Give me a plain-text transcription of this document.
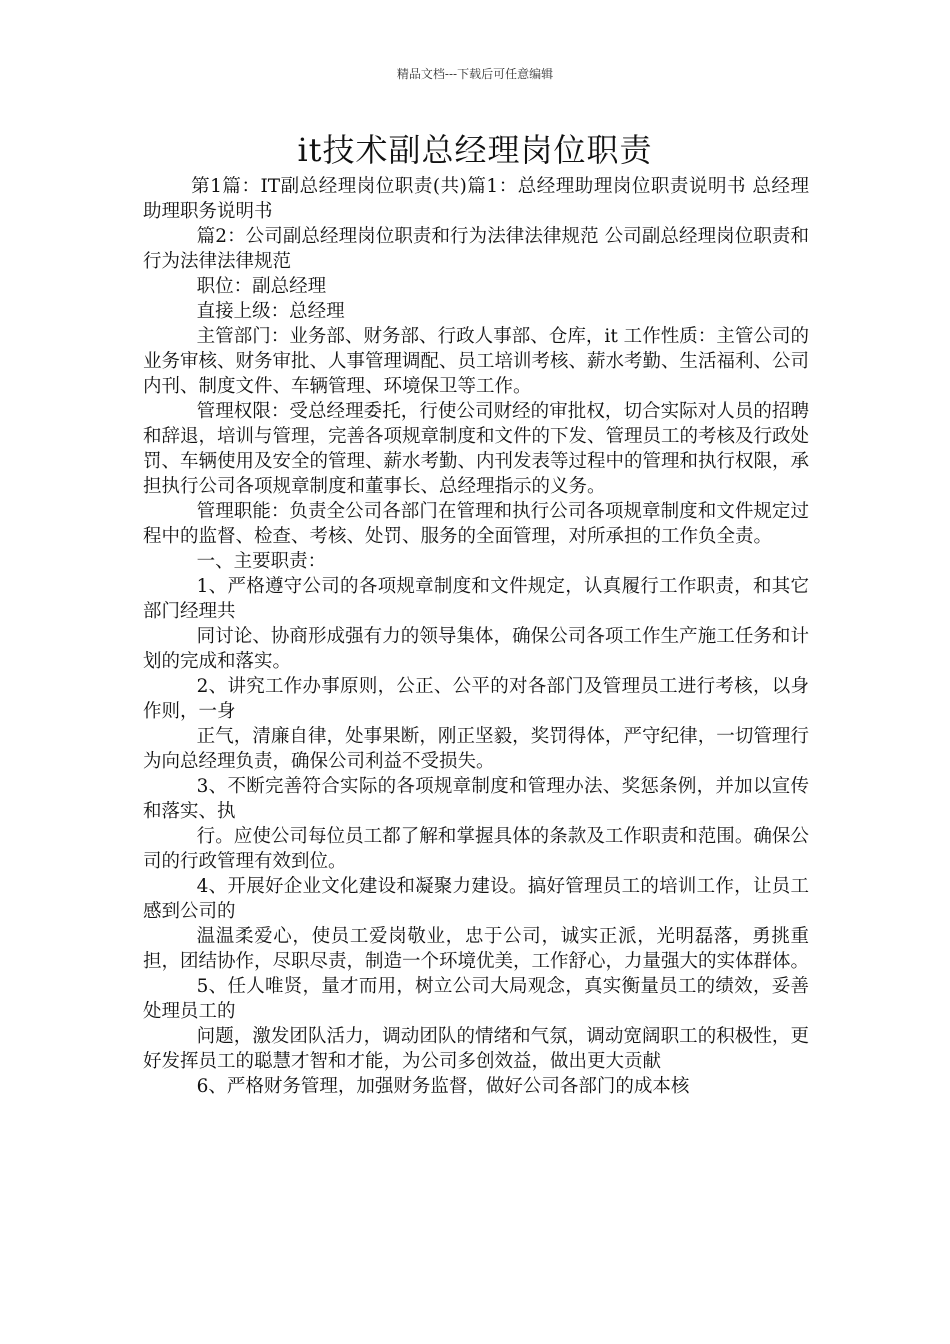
精品文档---下载后可任意编辑
it技术副总经理岗位职责

第1篇：IT副总经理岗位职责(共)篇1：总经理助理岗位职责说明书 总经理助理职务说明书

篇2：公司副总经理岗位职责和行为法律法律规范 公司副总经理岗位职责和行为法律法律规范

职位：副总经理

直接上级：总经理

主管部门：业务部、财务部、行政人事部、仓库，it 工作性质：主管公司的业务审核、财务审批、人事管理调配、员工培训考核、薪水考勤、生活福利、公司内刊、制度文件、车辆管理、环境保卫等工作。

管理权限：受总经理委托，行使公司财经的审批权，切合实际对人员的招聘和辞退，培训与管理，完善各项规章制度和文件的下发、管理员工的考核及行政处罚、车辆使用及安全的管理、薪水考勤、内刊发表等过程中的管理和执行权限，承担执行公司各项规章制度和董事长、总经理指示的义务。

管理职能：负责全公司各部门在管理和执行公司各项规章制度和文件规定过程中的监督、检查、考核、处罚、服务的全面管理，对所承担的工作负全责。

一、主要职责：

1、严格遵守公司的各项规章制度和文件规定，认真履行工作职责，和其它部门经理共

同讨论、协商形成强有力的领导集体，确保公司各项工作生产施工任务和计划的完成和落实。

2、讲究工作办事原则，公正、公平的对各部门及管理员工进行考核，以身作则，一身

正气，清廉自律，处事果断，刚正坚毅，奖罚得体，严守纪律，一切管理行为向总经理负责，确保公司利益不受损失。

3、不断完善符合实际的各项规章制度和管理办法、奖惩条例，并加以宣传和落实、执

行。应使公司每位员工都了解和掌握具体的条款及工作职责和范围。确保公司的行政管理有效到位。

4、开展好企业文化建设和凝聚力建设。搞好管理员工的培训工作，让员工感到公司的

温温柔爱心，使员工爱岗敬业，忠于公司，诚实正派，光明磊落，勇挑重担，团结协作，尽职尽责，制造一个环境优美，工作舒心，力量强大的实体群体。

5、任人唯贤，量才而用，树立公司大局观念，真实衡量员工的绩效，妥善处理员工的

问题，激发团队活力，调动团队的情绪和气氛，调动宽阔职工的积极性，更好发挥员工的聪慧才智和才能，为公司多创效益，做出更大贡献

6、严格财务管理，加强财务监督，做好公司各部门的成本核
